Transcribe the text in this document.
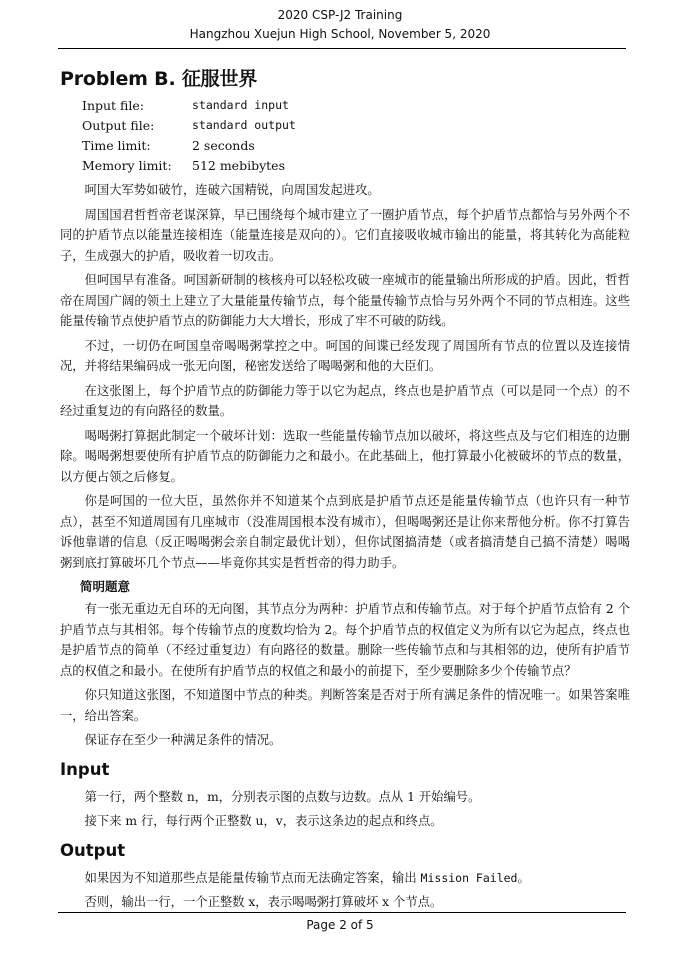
2020 CSP-J2 Training
Hangzhou Xuejun High School, November 5, 2020
Problem B. 征服世界
Input file:	standard input
Output file:	standard output
Time limit:	2 seconds
Memory limit:	512 mebibytes

呵国大军势如破竹，连破六国精锐，向周国发起进攻。

周国国君哲哲帝老谋深算，早已围绕每个城市建立了一圈护盾节点，每个护盾节点都恰与另外两个不同的护盾节点以能量连接相连（能量连接是双向的）。它们直接吸收城市输出的能量，将其转化为高能粒子，生成强大的护盾，吸收着一切攻击。

但呵国早有准备。呵国新研制的核核舟可以轻松攻破一座城市的能量输出所形成的护盾。因此，哲哲帝在周国广阔的领土上建立了大量能量传输节点，每个能量传输节点恰与另外两个不同的节点相连。这些能量传输节点使护盾节点的防御能力大大增长，形成了牢不可破的防线。

不过，一切仍在呵国皇帝喝喝粥掌控之中。呵国的间谍已经发现了周国所有节点的位置以及连接情况，并将结果编码成一张无向图，秘密发送给了喝喝粥和他的大臣们。

在这张图上，每个护盾节点的防御能力等于以它为起点，终点也是护盾节点（可以是同一个点）的不经过重复边的有向路径的数量。

喝喝粥打算据此制定一个破坏计划：选取一些能量传输节点加以破坏，将这些点及与它们相连的边删除。喝喝粥想要使所有护盾节点的防御能力之和最小。在此基础上，他打算最小化被破坏的节点的数量，以方便占领之后修复。

你是呵国的一位大臣，虽然你并不知道某个点到底是护盾节点还是能量传输节点（也许只有一种节点），甚至不知道周国有几座城市（没准周国根本没有城市），但喝喝粥还是让你来帮他分析。你不打算告诉他靠谱的信息（反正喝喝粥会亲自制定最优计划），但你试图搞清楚（或者搞清楚自己搞不清楚）喝喝粥到底打算破坏几个节点——毕竟你其实是哲哲帝的得力助手。

简明题意

有一张无重边无自环的无向图，其节点分为两种：护盾节点和传输节点。对于每个护盾节点恰有 2 个护盾节点与其相邻。每个传输节点的度数均恰为 2。每个护盾节点的权值定义为所有以它为起点，终点也是护盾节点的简单（不经过重复边）有向路径的数量。删除一些传输节点和与其相邻的边，使所有护盾节点的权值之和最小。在使所有护盾节点的权值之和最小的前提下，至少要删除多少个传输节点？

你只知道这张图，不知道图中节点的种类。判断答案是否对于所有满足条件的情况唯一。如果答案唯一，给出答案。

保证存在至少一种满足条件的情况。

Input

第一行，两个整数 n，m，分别表示图的点数与边数。点从 1 开始编号。

接下来 m 行，每行两个正整数 u，v，表示这条边的起点和终点。

Output

如果因为不知道那些点是能量传输节点而无法确定答案，输出 Mission Failed。

否则，输出一行，一个正整数 x，表示喝喝粥打算破坏 x 个节点。

Page 2 of 5
